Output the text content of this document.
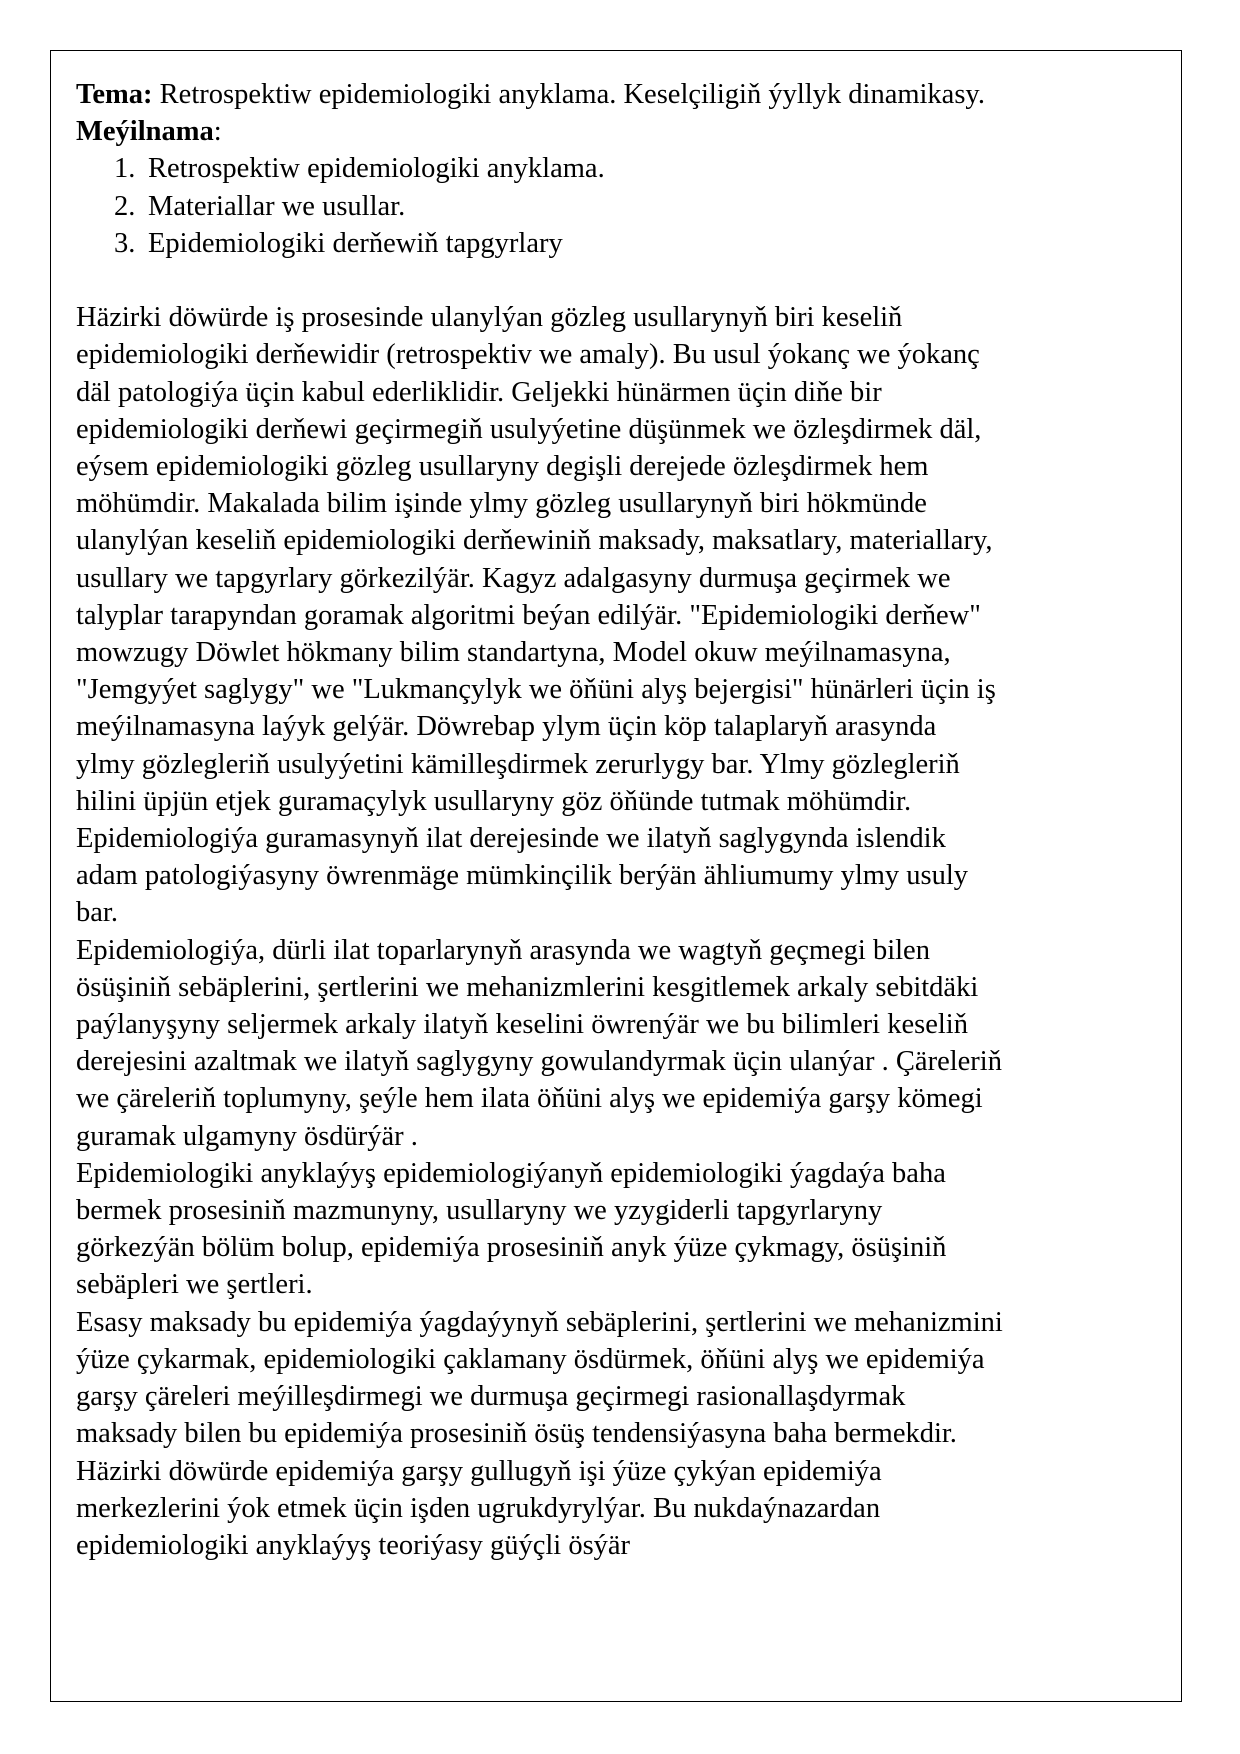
Tema: Retrospektiw epidemiologiki anyklama. Keselçiligiň ýyllyk dinamikasy.
Meýilnama:
1. Retrospektiw epidemiologiki anyklama.
2. Materiallar we usullar.
3. Epidemiologiki derňewiň tapgyrlary
Häzirki döwürde iş prosesinde ulanylýan gözleg usullarynyň biri keseliň
epidemiologiki derňewidir (retrospektiv we amaly). Bu usul ýokanç we ýokanç
däl patologiýa üçin kabul ederliklidir. Geljekki hünärmen üçin diňe bir
epidemiologiki derňewi geçirmegiň usulyýetine düşünmek we özleşdirmek däl,
eýsem epidemiologiki gözleg usullaryny degişli derejede özleşdirmek hem
möhümdir. Makalada bilim işinde ylmy gözleg usullarynyň biri hökmünde
ulanylýan keseliň epidemiologiki derňewiniň maksady, maksatlary, materiallary,
usullary we tapgyrlary görkezilýär. Kagyz adalgasyny durmuşa geçirmek we
talyplar tarapyndan goramak algoritmi beýan edilýär. "Epidemiologiki derňew"
mowzugy Döwlet hökmany bilim standartyna, Model okuw meýilnamasyna,
"Jemgyýet saglygy" we "Lukmançylyk we öňüni alyş bejergisi" hünärleri üçin iş
meýilnamasyna laýyk gelýär. Döwrebap ylym üçin köp talaplaryň arasynda
ylmy gözlegleriň usulyýetini kämilleşdirmek zerurlygy bar. Ylmy gözlegleriň
hilini üpjün etjek guramaçylyk usullaryny göz öňünde tutmak möhümdir.
Epidemiologiýa guramasynyň ilat derejesinde we ilatyň saglygynda islendik
adam patologiýasyny öwrenmäge mümkinçilik berýän ähliumumy ylmy usuly
bar.
Epidemiologiýa, dürli ilat toparlarynyň arasynda we wagtyň geçmegi bilen
ösüşiniň sebäplerini, şertlerini we mehanizmlerini kesgitlemek arkaly sebitdäki
paýlanyşyny seljermek arkaly ilatyň keselini öwrenýär we bu bilimleri keseliň
derejesini azaltmak we ilatyň saglygyny gowulandyrmak üçin ulanýar . Çäreleriň
we çäreleriň toplumyny, şeýle hem ilata öňüni alyş we epidemiýa garşy kömegi
guramak ulgamyny ösdürýär .
Epidemiologiki anyklaýyş epidemiologiýanyň epidemiologiki ýagdaýa baha
bermek prosesiniň mazmunyny, usullaryny we yzygiderli tapgyrlaryny
görkezýän bölüm bolup, epidemiýa prosesiniň anyk ýüze çykmagy, ösüşiniň
sebäpleri we şertleri.
Esasy maksady bu epidemiýa ýagdaýynyň sebäplerini, şertlerini we mehanizmini
ýüze çykarmak, epidemiologiki çaklamany ösdürmek, öňüni alyş we epidemiýa
garşy çäreleri meýilleşdirmegi we durmuşa geçirmegi rasionallaşdyrmak
maksady bilen bu epidemiýa prosesiniň ösüş tendensiýasyna baha bermekdir.
Häzirki döwürde epidemiýa garşy gullugyň işi ýüze çykýan epidemiýa
merkezlerini ýok etmek üçin işden ugrukdyrylýar. Bu nukdaýnazardan
epidemiologiki anyklaýyş teoriýasy güýçli ösýär
